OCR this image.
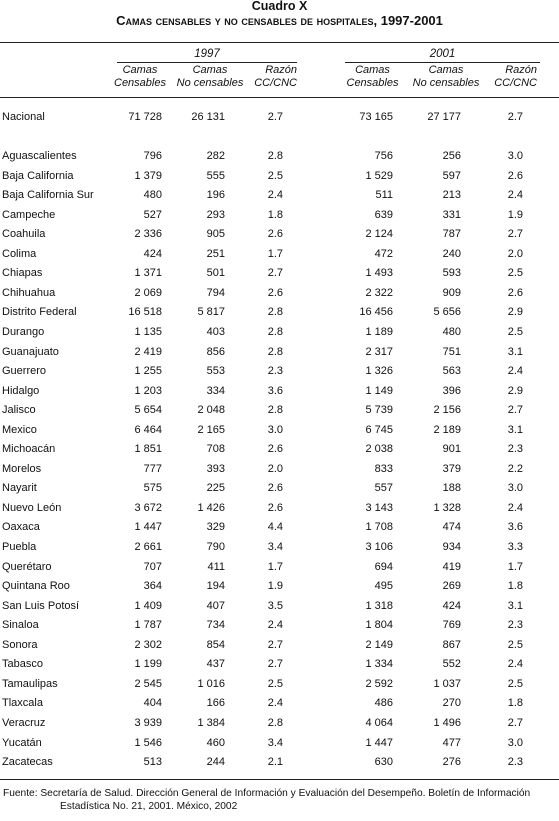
Cuadro X
Camas censables y no censables de hospitales, 1997-2001
1997	2001
Camas
Censables
Camas
No censables
Razón
CC/CNC
Camas
Censables
Camas
No censables
Razón
CC/CNC
Nacional	71 728	26 131	2.7	73 165	27 177	2.7
Aguascalientes	796	282	2.8	756	256	3.0
Baja California	1 379	555	2.5	1 529	597	2.6
Baja California Sur	480	196	2.4	511	213	2.4
Campeche	527	293	1.8	639	331	1.9
Coahuila	2 336	905	2.6	2 124	787	2.7
Colima	424	251	1.7	472	240	2.0
Chiapas	1 371	501	2.7	1 493	593	2.5
Chihuahua	2 069	794	2.6	2 322	909	2.6
Distrito Federal	16 518	5 817	2.8	16 456	5 656	2.9
Durango	1 135	403	2.8	1 189	480	2.5
Guanajuato	2 419	856	2.8	2 317	751	3.1
Guerrero	1 255	553	2.3	1 326	563	2.4
Hidalgo	1 203	334	3.6	1 149	396	2.9
Jalisco	5 654	2 048	2.8	5 739	2 156	2.7
Mexico	6 464	2 165	3.0	6 745	2 189	3.1
Michoacán	1 851	708	2.6	2 038	901	2.3
Morelos	777	393	2.0	833	379	2.2
Nayarit	575	225	2.6	557	188	3.0
Nuevo León	3 672	1 426	2.6	3 143	1 328	2.4
Oaxaca	1 447	329	4.4	1 708	474	3.6
Puebla	2 661	790	3.4	3 106	934	3.3
Querétaro	707	411	1.7	694	419	1.7
Quintana Roo	364	194	1.9	495	269	1.8
San Luis Potosí	1 409	407	3.5	1 318	424	3.1
Sinaloa	1 787	734	2.4	1 804	769	2.3
Sonora	2 302	854	2.7	2 149	867	2.5
Tabasco	1 199	437	2.7	1 334	552	2.4
Tamaulipas	2 545	1 016	2.5	2 592	1 037	2.5
Tlaxcala	404	166	2.4	486	270	1.8
Veracruz	3 939	1 384	2.8	4 064	1 496	2.7
Yucatán	1 546	460	3.4	1 447	477	3.0
Zacatecas	513	244	2.1	630	276	2.3
Fuente: Secretaría de Salud. Dirección General de Información y Evaluación del Desempeño. Boletín de Información
Estadística No. 21, 2001. México, 2002
